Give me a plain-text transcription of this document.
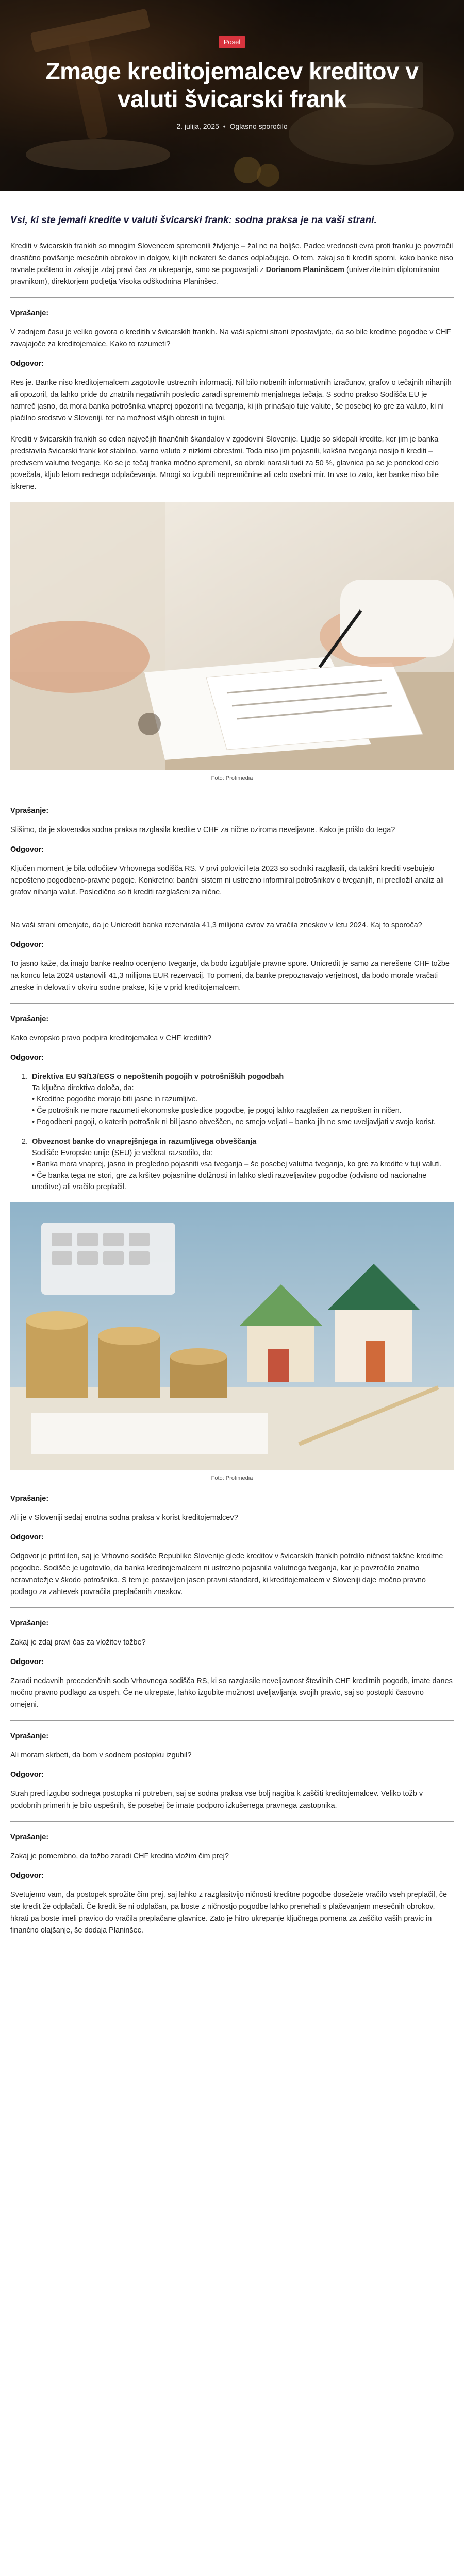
Posel
Zmage kreditojemalcev kreditov v valuti švicarski frank
2. julija, 2025 • Oglasno sporočilo

Vsi, ki ste jemali kredite v valuti švicarski frank: sodna praksa je na vaši strani.

Krediti v švicarskih frankih so mnogim Slovencem spremenili življenje – žal ne na boljše. Padec vrednosti evra proti franku je povzročil drastično povišanje mesečnih obrokov in dolgov, ki jih nekateri še danes odplačujejo. O tem, zakaj so ti krediti sporni, kako banke niso ravnale pošteno in zakaj je zdaj pravi čas za ukrepanje, smo se pogovarjali z Dorianom Planinšcem (univerzitetnim diplomiranim pravnikom), direktorjem podjetja Visoka odškodnina Planinšec.

Vprašanje:

V zadnjem času je veliko govora o kreditih v švicarskih frankih. Na vaši spletni strani izpostavljate, da so bile kreditne pogodbe v CHF zavajajoče za kreditojemalce. Kako to razumeti?

Odgovor:

Res je. Banke niso kreditojemalcem zagotovile ustreznih informacij. Nil bilo nobenih informativnih izračunov, grafov o tečajnih nihanjih ali opozoril, da lahko pride do znatnih negativnih posledic zaradi sprememb menjalnega tečaja. S sodno prakso Sodišča EU je namreč jasno, da mora banka potrošnika vnaprej opozoriti na tveganja, ki jih prinašajo tuje valute, še posebej ko gre za valuto, ki ni plačilno sredstvo v Sloveniji, ter na možnost višjih obresti in tujini.

Krediti v švicarskih frankih so eden največjih finančnih škandalov v zgodovini Slovenije. Ljudje so sklepali kredite, ker jim je banka predstavila švicarski frank kot stabilno, varno valuto z nizkimi obrestmi. Toda niso jim pojasnili, kakšna tveganja nosijo ti krediti – predvsem valutno tveganje. Ko se je tečaj franka močno spremenil, so obroki narasli tudi za 50 %, glavnica pa se je ponekod celo povečala, kljub letom rednega odplačevanja. Mnogi so izgubili nepremičnine ali celo osebni mir. In vse to zato, ker banke niso bile iskrene.

Foto: Profimedia
Vprašanje:

Slišimo, da je slovenska sodna praksa razglasila kredite v CHF za nične oziroma neveljavne. Kako je prišlo do tega?

Odgovor:

Ključen moment je bila odločitev Vrhovnega sodišča RS. V prvi polovici leta 2023 so sodniki razglasili, da takšni krediti vsebujejo nepošteno pogodbeno-pravne pogoje. Konkretno: bančni sistem ni ustrezno informiral potrošnikov o tveganjih, ni predložil analiz ali grafov nihanja valut. Posledično so ti krediti razglašeni za nične.

Na vaši strani omenjate, da je Unicredit banka rezervirala 41,3 milijona evrov za vračila zneskov v letu 2024. Kaj to sporoča?

Odgovor:

To jasno kaže, da imajo banke realno ocenjeno tveganje, da bodo izgubljale pravne spore. Unicredit je samo za nerešene CHF tožbe na koncu leta 2024 ustanovili 41,3 milijona EUR rezervacij. To pomeni, da banke prepoznavajo verjetnost, da bodo morale vračati zneske in delovati v okviru sodne prakse, ki je v prid kreditojemalcem.

Vprašanje:

Kako evropsko pravo podpira kreditojemalca v CHF kreditih?

Odgovor:
1. Direktiva EU 93/13/EGS o nepoštenih pogojih v potrošniških pogodbah
Ta ključna direktiva določa, da:
• Kreditne pogodbe morajo biti jasne in razumljive.
• Če potrošnik ne more razumeti ekonomske posledice pogodbe, je pogoj lahko razglašen za nepošten in ničen.
• Pogodbeni pogoji, o katerih potrošnik ni bil jasno obveščen, ne smejo veljati – banka jih ne sme uveljavljati v svojo korist.
2. Obveznost banke do vnaprejšnjega in razumljivega obveščanja
Sodišče Evropske unije (SEU) je večkrat razsodilo, da:
• Banka mora vnaprej, jasno in pregledno pojasniti vsa tveganja – še posebej valutna tveganja, ko gre za kredite v tuji valuti.
• Če banka tega ne stori, gre za kršitev pojasnilne dolžnosti in lahko sledi razveljavitev pogodbe (odvisno od nacionalne ureditve) ali vračilo preplačil.
Foto: Profimedia
Vprašanje:

Ali je v Sloveniji sedaj enotna sodna praksa v korist kreditojemalcev?

Odgovor:

Odgovor je pritrdilen, saj je Vrhovno sodišče Republike Slovenije glede kreditov v švicarskih frankih potrdilo ničnost takšne kreditne pogodbe. Sodišče je ugotovilo, da banka kreditojemalcem ni ustrezno pojasnila valutnega tveganja, kar je povzročilo znatno neravnotežje v škodo potrošnika. S tem je postavljen jasen pravni standard, ki kreditojemalcem v Sloveniji daje močno pravno podlago za zahtevek povračila preplačanih zneskov.

Vprašanje:

Zakaj je zdaj pravi čas za vložitev tožbe?

Odgovor:

Zaradi nedavnih precedenčnih sodb Vrhovnega sodišča RS, ki so razglasile neveljavnost številnih CHF kreditnih pogodb, imate danes močno pravno podlago za uspeh. Če ne ukrepate, lahko izgubite možnost uveljavljanja svojih pravic, saj so postopki časovno omejeni.

Vprašanje:

Ali moram skrbeti, da bom v sodnem postopku izgubil?

Odgovor:

Strah pred izgubo sodnega postopka ni potreben, saj se sodna praksa vse bolj nagiba k zaščiti kreditojemalcev. Veliko tožb v podobnih primerih je bilo uspešnih, še posebej če imate podporo izkušenega pravnega zastopnika.

Vprašanje:

Zakaj je pomembno, da tožbo zaradi CHF kredita vložim čim prej?

Odgovor:

Svetujemo vam, da postopek sprožite čim prej, saj lahko z razglasitvijo ničnosti kreditne pogodbe dosežete vračilo vseh preplačil, če ste kredit že odplačali. Če kredit še ni odplačan, pa boste z ničnostjo pogodbe lahko prenehali s plačevanjem mesečnih obrokov, hkrati pa boste imeli pravico do vračila preplačane glavnice. Zato je hitro ukrepanje ključnega pomena za zaščito vaših pravic in finančno olajšanje, še dodaja Planinšec.
